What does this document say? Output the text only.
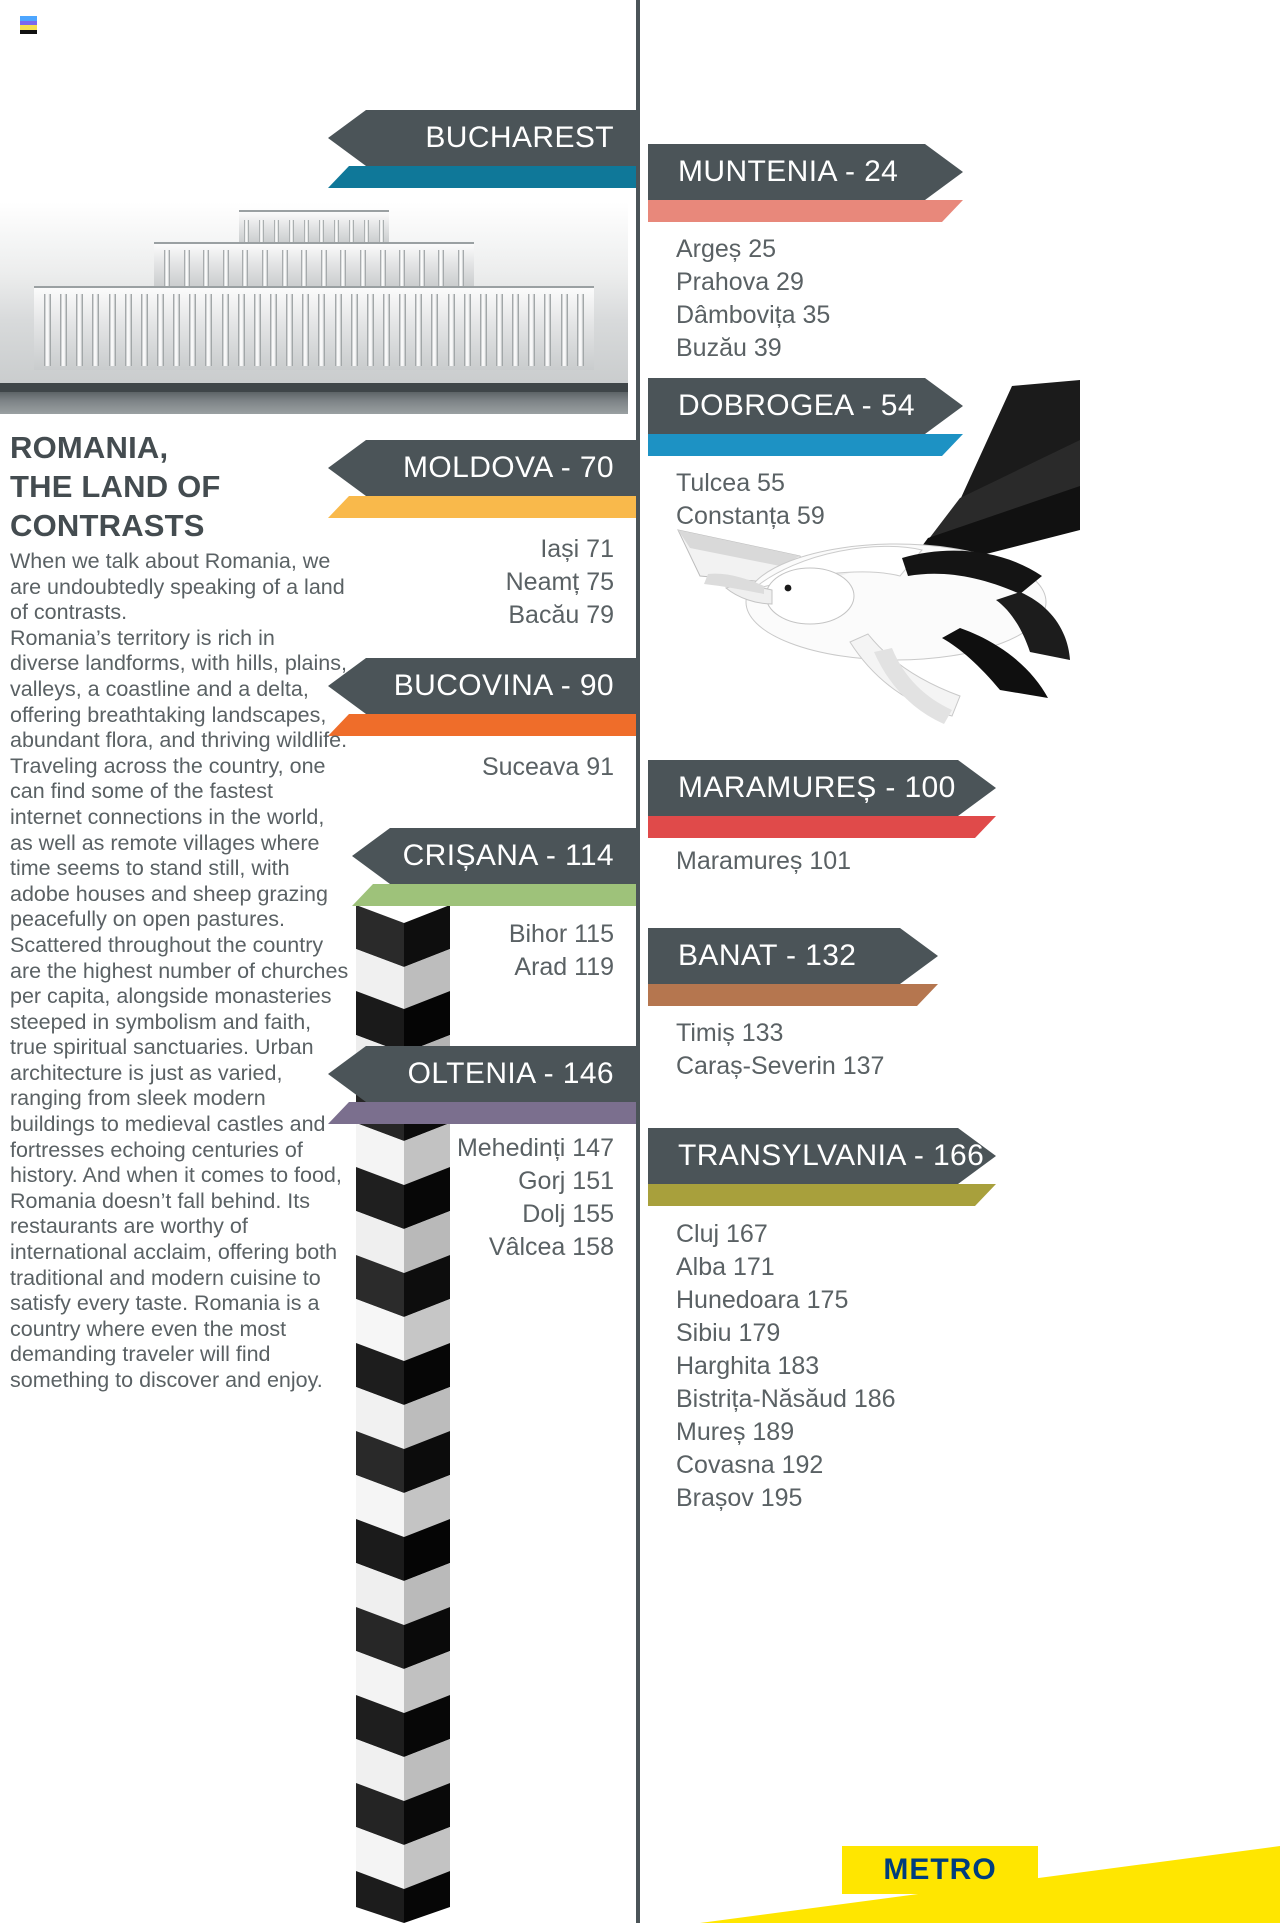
BUCHAREST
MUNTENIA - 24
Argeș 25
Prahova 29
Dâmbovița 35
Buzău 39
DOBROGEA - 54
Tulcea 55
Constanța 59
MOLDOVA - 70
Iași 71
Neamț 75
Bacău 79
BUCOVINA - 90
Suceava 91
MARAMUREȘ - 100
Maramureș 101
CRIȘANA - 114
Bihor 115
Arad 119	BANAT - 132
Timiș 133
Caraș-Severin 137
OLTENIA - 146
Mehedinți 147
Gorj 151
Dolj 155
Vâlcea 158
TRANSYLVANIA - 166
Cluj 167
Alba 171
Hunedoara 175
Sibiu 179
Harghita 183
Bistrița-Năsăud 186
Mureș 189
Covasna 192
Brașov 195
ROMANIA,
THE LAND OF
CONTRASTS

When we talk about Romania, we are undoubtedly speaking of a land of contrasts.

Romania’s territory is rich in diverse landforms, with hills, plains, valleys, a coastline and a delta, offering breathtaking landscapes, abundant flora, and thriving wildlife. Traveling across the country, one can find some of the fastest internet connections in the world, as well as remote villages where time seems to stand still, with adobe houses and sheep grazing peacefully on open pastures. Scattered throughout the country are the highest number of churches per capita, alongside monasteries steeped in symbolism and faith, true spiritual sanctuaries. Urban architecture is just as varied, ranging from sleek modern buildings to medieval castles and fortresses echoing centuries of history. And when it comes to food, Romania doesn’t fall behind. Its restaurants are worthy of international acclaim, offering both traditional and modern cuisine to satisfy every taste. Romania is a country where even the most demanding traveler will find something to discover and enjoy.

7	METRO
